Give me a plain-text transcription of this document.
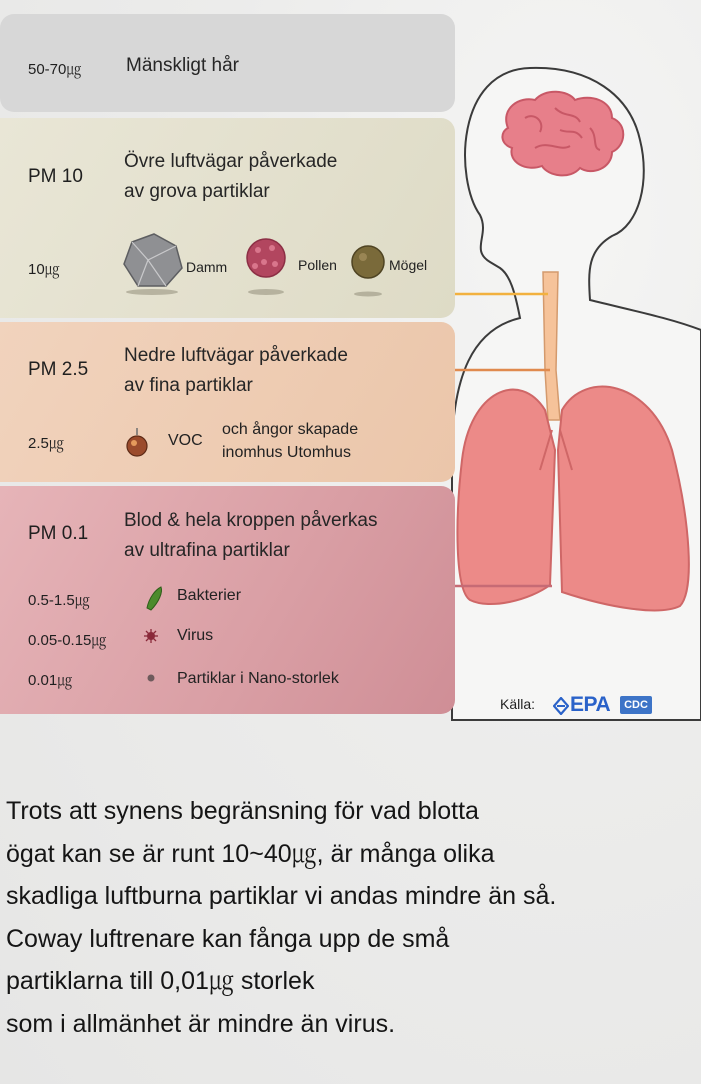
50-70㎍ Mänskligt hår
PM 10
Övre luftvägar påverkade
av grova partiklar
10㎍	Damm	Pollen	Mögel
PM 2.5
Nedre luftvägar påverkade
av fina partiklar
2.5㎍	VOC
och ångor skapade
inomhus Utomhus
PM 0.1
Blod & hela kroppen påverkas
av ultrafina partiklar
0.5-1.5㎍	Bakterier
0.05-0.15㎍	Virus
0.01㎍	Partiklar i Nano-storlek
Källa: EPA	CDC
Trots att synens begränsning för vad blotta
ögat kan se är runt 10~40㎍, är många olika
skadliga luftburna partiklar vi andas mindre än så.
Coway luftrenare kan fånga upp de små
partiklarna till 0,01㎍ storlek
som i allmänhet är mindre än virus.
